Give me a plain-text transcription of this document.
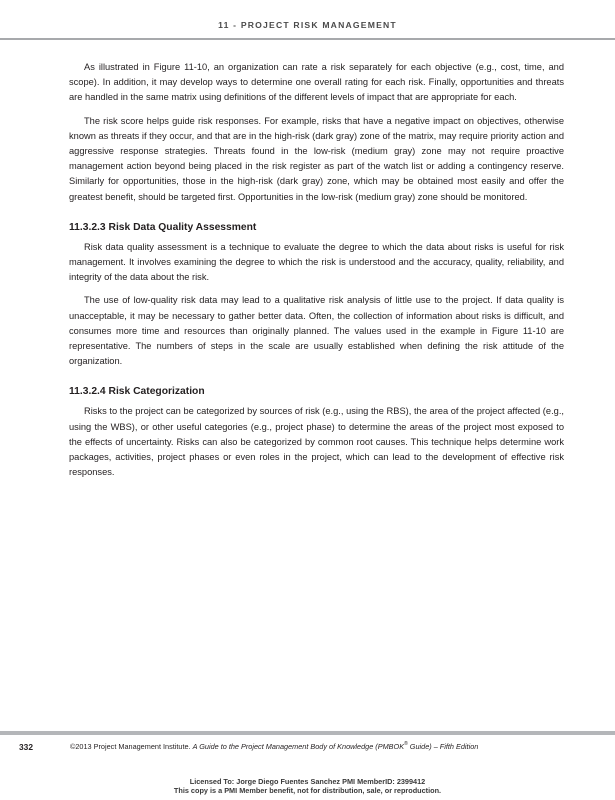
11 - PROJECT RISK MANAGEMENT

As illustrated in Figure 11-10, an organization can rate a risk separately for each objective (e.g., cost, time, and scope). In addition, it may develop ways to determine one overall rating for each risk. Finally, opportunities and threats are handled in the same matrix using definitions of the different levels of impact that are appropriate for each.

The risk score helps guide risk responses. For example, risks that have a negative impact on objectives, otherwise known as threats if they occur, and that are in the high-risk (dark gray) zone of the matrix, may require priority action and aggressive response strategies. Threats found in the low-risk (medium gray) zone may not require proactive management action beyond being placed in the risk register as part of the watch list or adding a contingency reserve. Similarly for opportunities, those in the high-risk (dark gray) zone, which may be obtained most easily and offer the greatest benefit, should be targeted first. Opportunities in the low-risk (medium gray) zone should be monitored.

11.3.2.3 Risk Data Quality Assessment

Risk data quality assessment is a technique to evaluate the degree to which the data about risks is useful for risk management. It involves examining the degree to which the risk is understood and the accuracy, quality, reliability, and integrity of the data about the risk.

The use of low-quality risk data may lead to a qualitative risk analysis of little use to the project. If data quality is unacceptable, it may be necessary to gather better data. Often, the collection of information about risks is difficult, and consumes more time and resources than originally planned. The values used in the example in Figure 11-10 are representative. The numbers of steps in the scale are usually established when defining the risk attitude of the organization.

11.3.2.4 Risk Categorization

Risks to the project can be categorized by sources of risk (e.g., using the RBS), the area of the project affected (e.g., using the WBS), or other useful categories (e.g., project phase) to determine the areas of the project most exposed to the effects of uncertainty. Risks can also be categorized by common root causes. This technique helps determine work packages, activities, project phases or even roles in the project, which can lead to the development of effective risk responses.

332	©2013 Project Management Institute. A Guide to the Project Management Body of Knowledge (PMBOK® Guide) – Fifth Edition
Licensed To: Jorge Diego Fuentes Sanchez PMI MemberID: 2399412
This copy is a PMI Member benefit, not for distribution, sale, or reproduction.
